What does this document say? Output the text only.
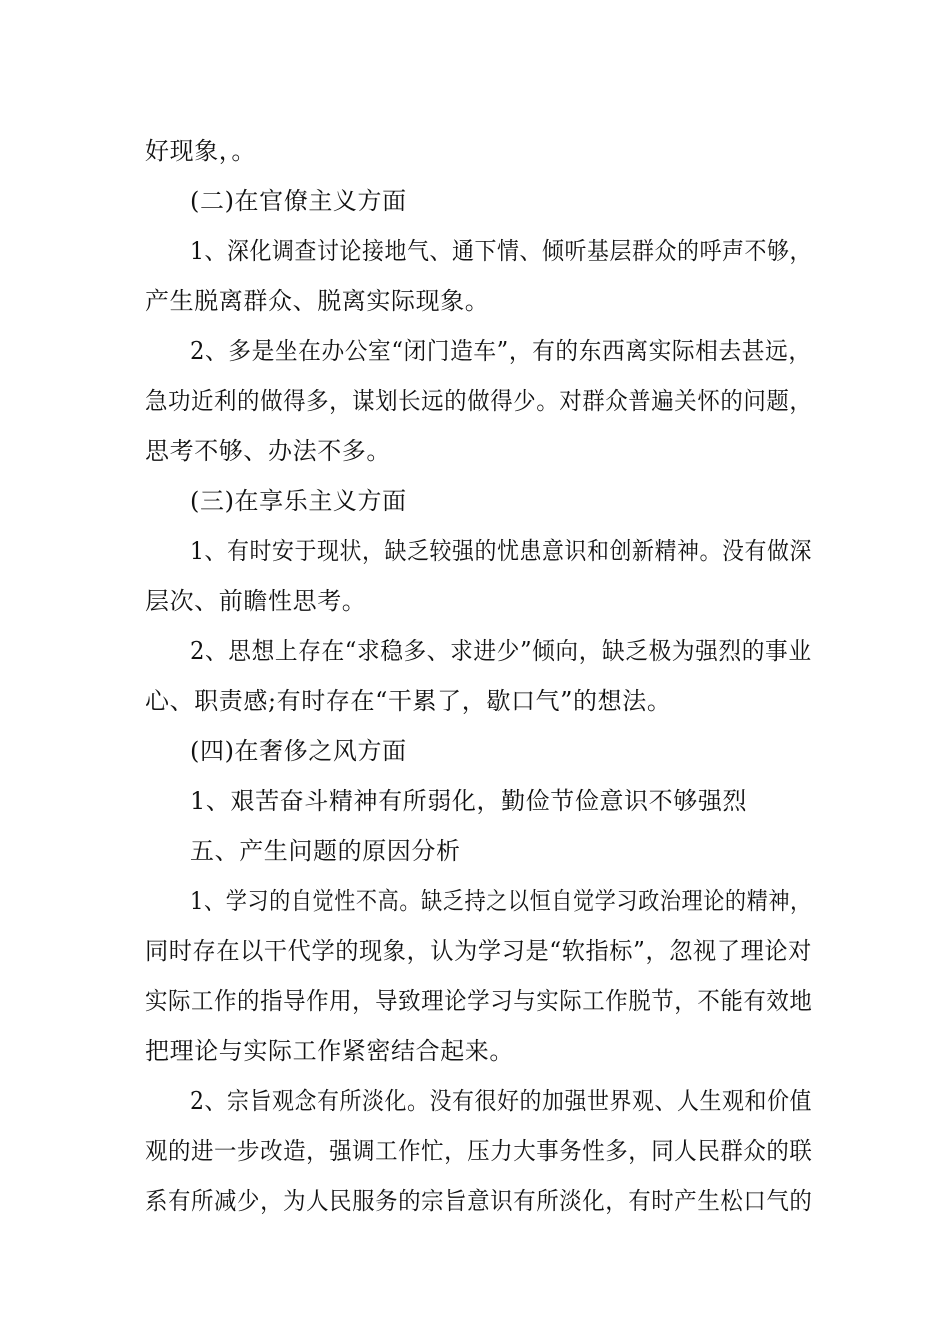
好现象，。
(二)在官僚主义方面
1、深化调查讨论接地气、通下情、倾听基层群众的呼声不够，
产生脱离群众、脱离实际现象。
2、多是坐在办公室“闭门造车”，有的东西离实际相去甚远，
急功近利的做得多，谋划长远的做得少。对群众普遍关怀的问题，
思考不够、办法不多。
(三)在享乐主义方面
1、有时安于现状，缺乏较强的忧患意识和创新精神。没有做深
层次、前瞻性思考。
2、思想上存在“求稳多、求进少”倾向，缺乏极为强烈的事业
心、职责感;有时存在“干累了，歇口气”的想法。
(四)在奢侈之风方面
1、艰苦奋斗精神有所弱化，勤俭节俭意识不够强烈
五、产生问题的原因分析
1、学习的自觉性不高。缺乏持之以恒自觉学习政治理论的精神，
同时存在以干代学的现象，认为学习是“软指标”，忽视了理论对
实际工作的指导作用，导致理论学习与实际工作脱节，不能有效地
把理论与实际工作紧密结合起来。
2、宗旨观念有所淡化。没有很好的加强世界观、人生观和价值
观的进一步改造，强调工作忙，压力大事务性多，同人民群众的联
系有所减少，为人民服务的宗旨意识有所淡化，有时产生松口气的
